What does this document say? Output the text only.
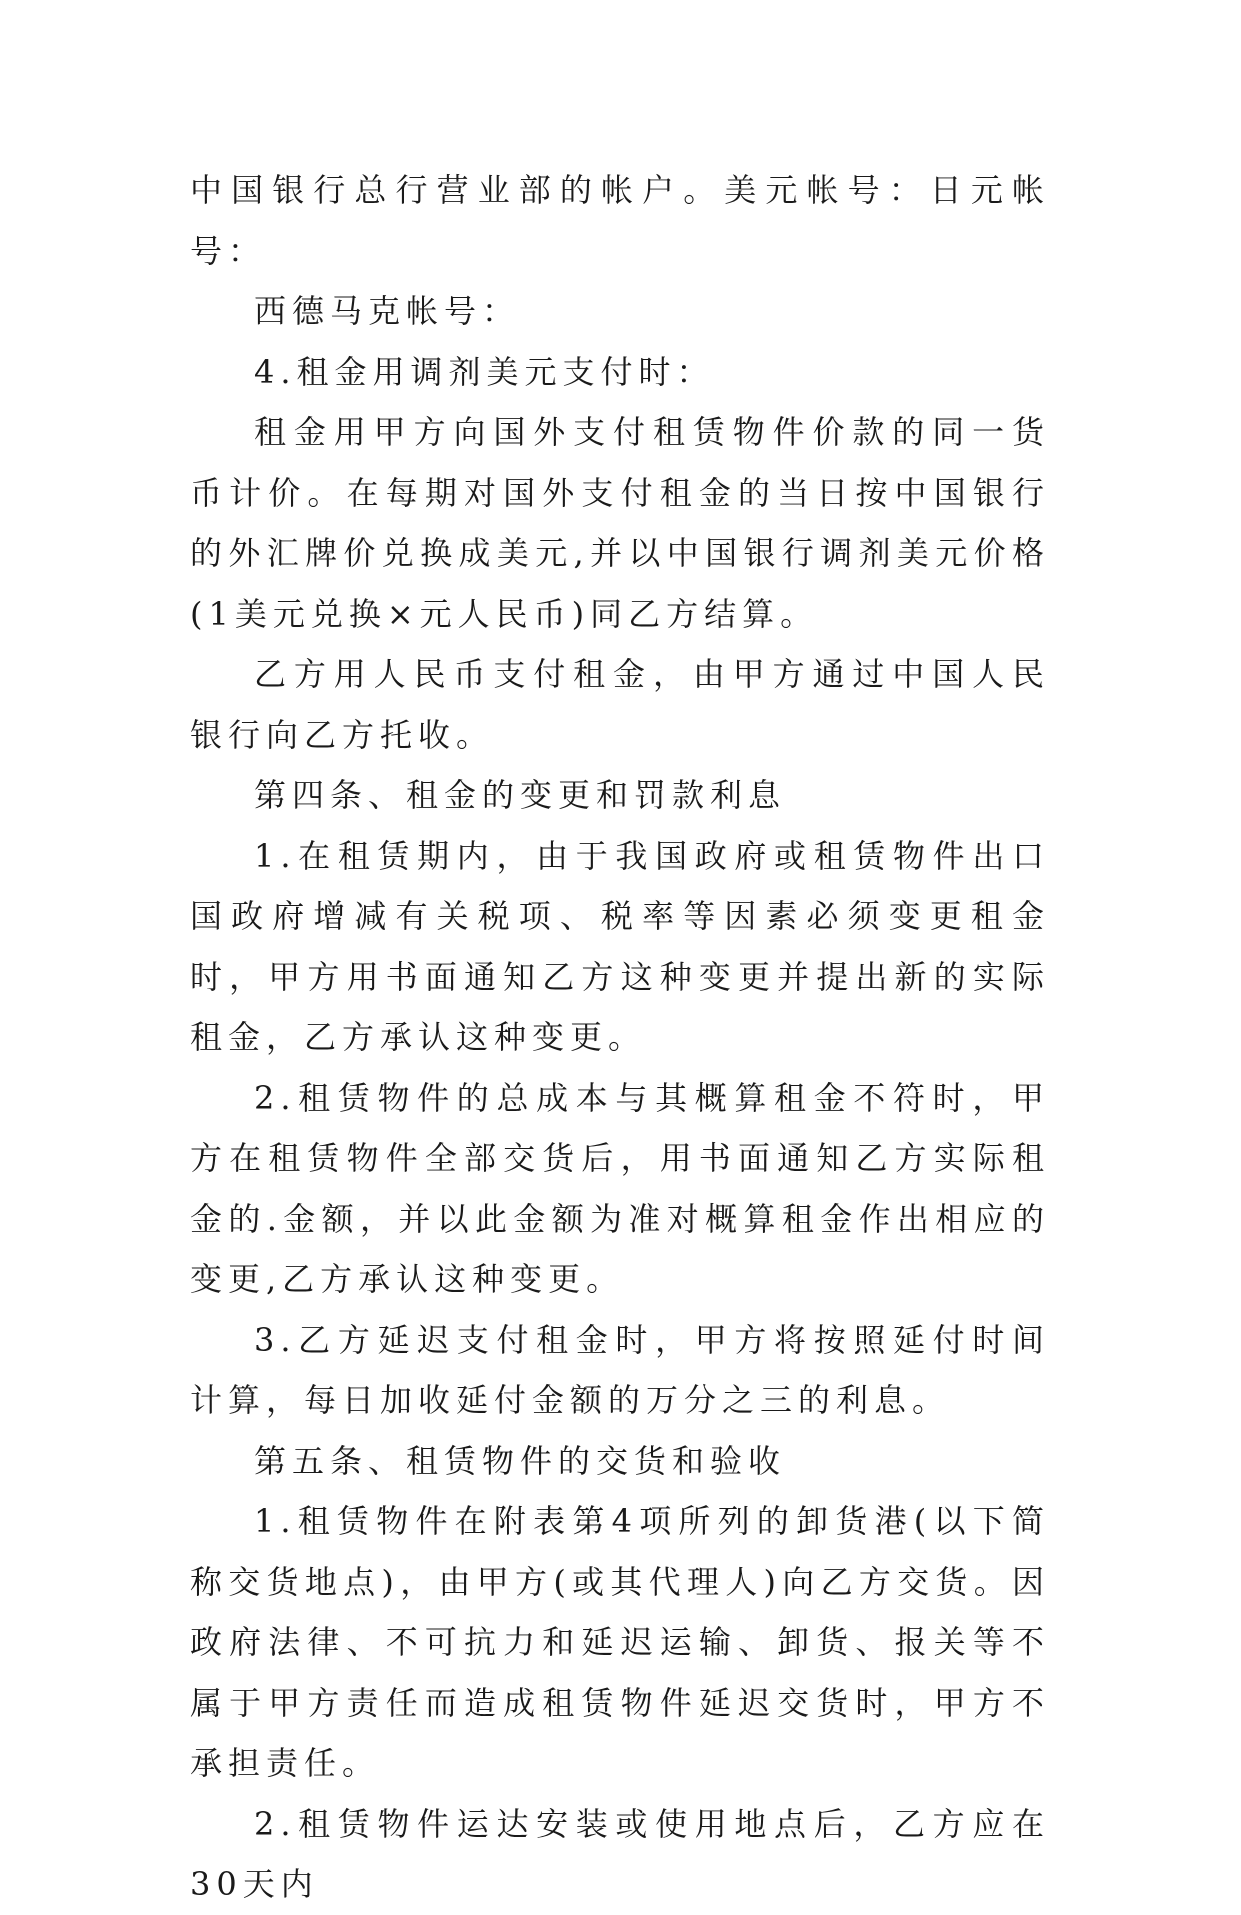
中国银行总行营业部的帐户。美元帐号：日元帐号：

西德马克帐号：

4.租金用调剂美元支付时：

租金用甲方向国外支付租赁物件价款的同一货币计价。在每期对国外支付租金的当日按中国银行的外汇牌价兑换成美元,并以中国银行调剂美元价格(1美元兑换×元人民币)同乙方结算。

乙方用人民币支付租金，由甲方通过中国人民银行向乙方托收。

第四条、租金的变更和罚款利息

1.在租赁期内，由于我国政府或租赁物件出口国政府增减有关税项、税率等因素必须变更租金时，甲方用书面通知乙方这种变更并提出新的实际租金，乙方承认这种变更。

2.租赁物件的总成本与其概算租金不符时，甲方在租赁物件全部交货后，用书面通知乙方实际租金的.金额，并以此金额为准对概算租金作出相应的变更,乙方承认这种变更。

3.乙方延迟支付租金时，甲方将按照延付时间计算，每日加收延付金额的万分之三的利息。

第五条、租赁物件的交货和验收

1.租赁物件在附表第4项所列的卸货港(以下简称交货地点)，由甲方(或其代理人)向乙方交货。因政府法律、不可抗力和延迟运输、卸货、报关等不属于甲方责任而造成租赁物件延迟交货时，甲方不承担责任。

2.租赁物件运达安装或使用地点后，乙方应在30天内
